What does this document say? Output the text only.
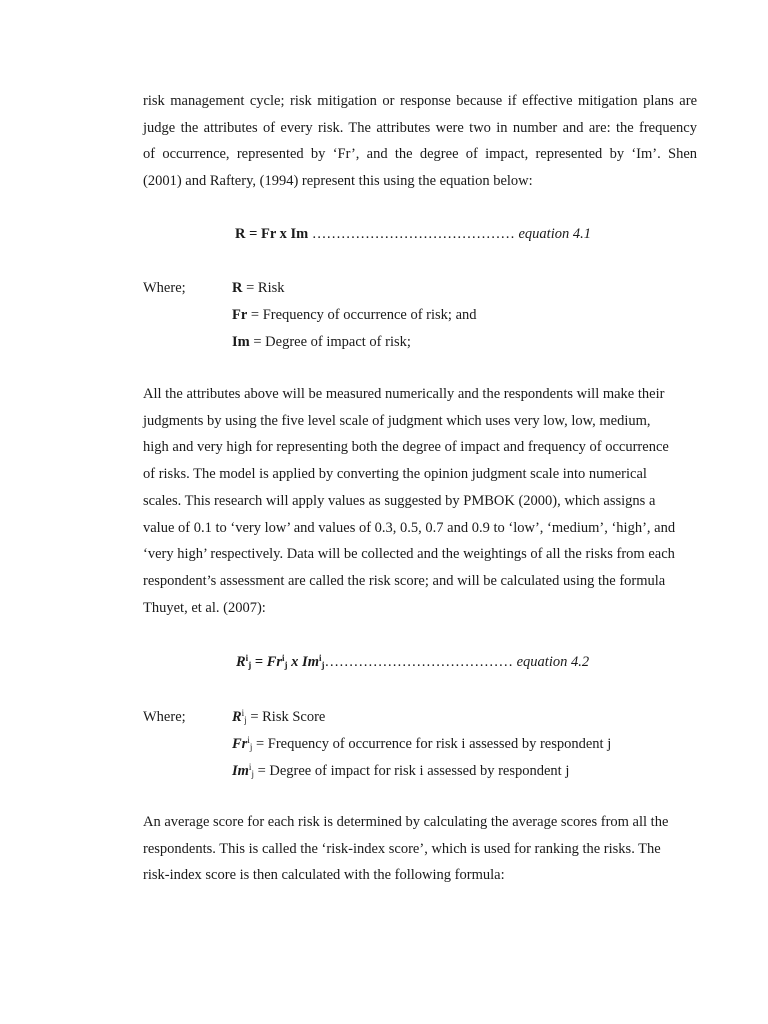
risk management cycle; risk mitigation or response because if effective mitigation plans are
judge the attributes of every risk. The attributes were two in number and are: the frequency
of occurrence, represented by ‘Fr’, and the degree of impact, represented by ‘Im’. Shen
(2001) and Raftery, (1994) represent this using the equation below:
R = Fr x Im …………………………………… equation 4.1
Where;	R = Risk
Fr = Frequency of occurrence of risk; and
Im = Degree of impact of risk;
All the attributes above will be measured numerically and the respondents will make their
judgments by using the five level scale of judgment which uses very low, low, medium,
high and very high for representing both the degree of impact and frequency of occurrence
of risks. The model is applied by converting the opinion judgment scale into numerical
scales. This research will apply values as suggested by PMBOK (2000), which assigns a
value of 0.1 to ‘very low’ and values of 0.3, 0.5, 0.7 and 0.9 to ‘low’, ‘medium’, ‘high’, and
‘very high’ respectively. Data will be collected and the weightings of all the risks from each
respondent’s assessment are called the risk score; and will be calculated using the formula
Thuyet, et al. (2007):
$R^i_j = Fr^i_j$ x $Im^i_j\dots\dots\dots\dots\dots\dots\dots\dots\dots\dots\dots\dots\dots$ equation 4.2
Where;	$R^i_j$ = Risk Score
$Fr^i_j$ = Frequency of occurrence for risk i assessed by respondent j
$Im^i_j$ = Degree of impact for risk i assessed by respondent j
An average score for each risk is determined by calculating the average scores from all the
respondents. This is called the ‘risk-index score’, which is used for ranking the risks. The
risk-index score is then calculated with the following formula:
